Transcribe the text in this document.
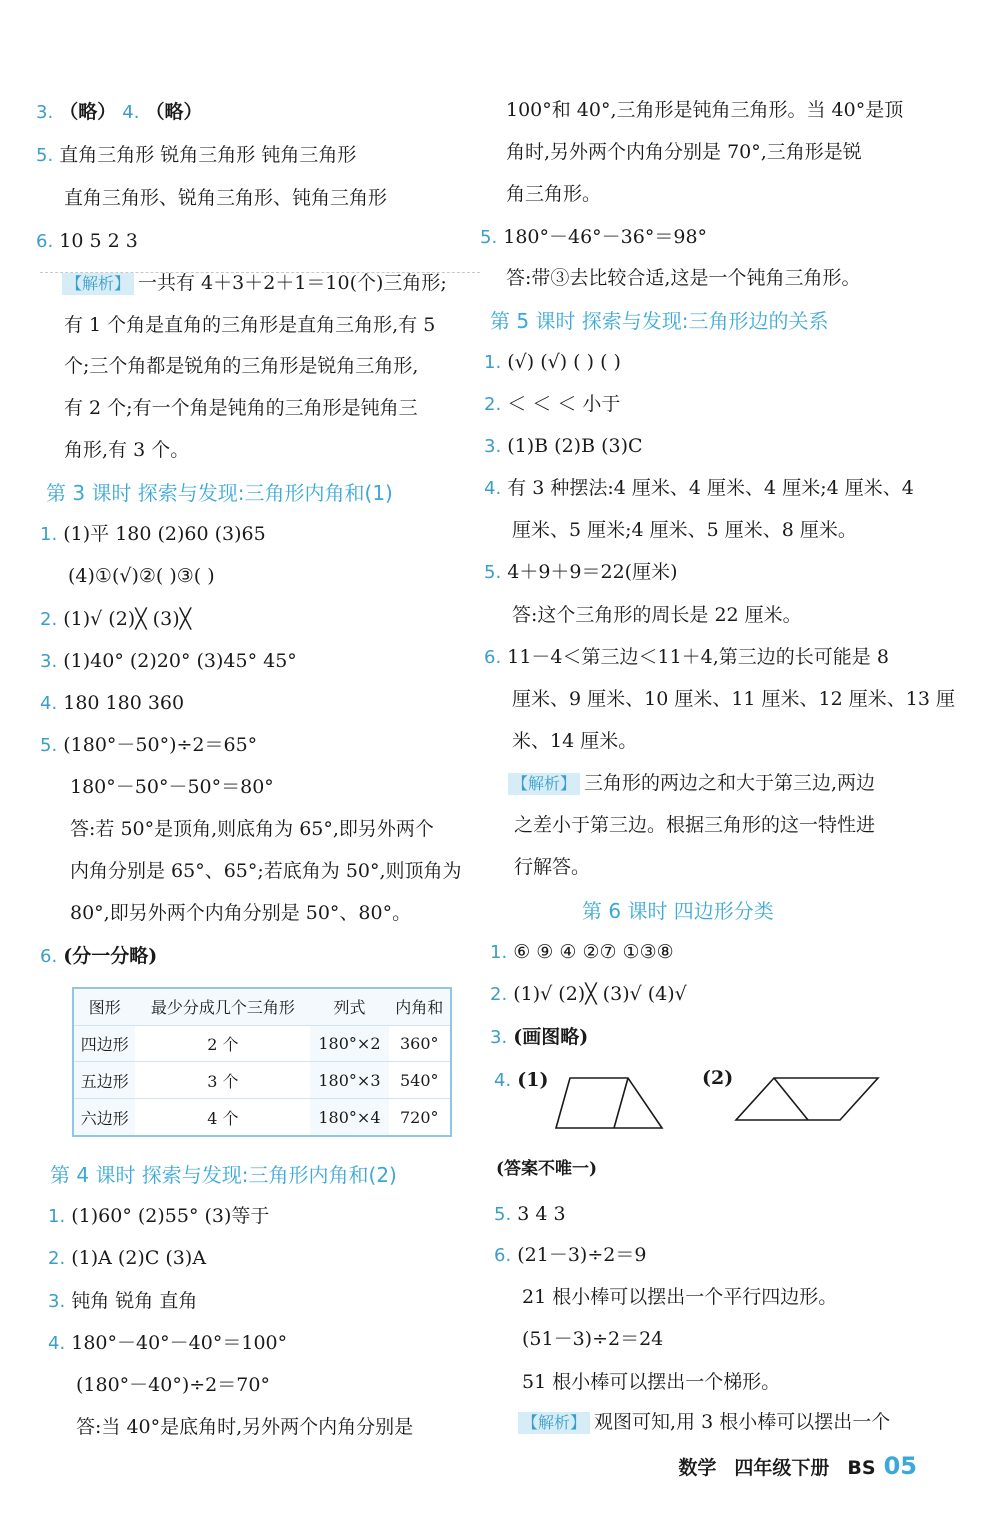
3. （略） 4. （略）
5. 直角三角形 锐角三角形 钝角三角形
直角三角形、锐角三角形、钝角三角形
6. 10 5 2 3
【解析】 一共有 4＋3＋2＋1＝10(个)三角形;
有 1 个角是直角的三角形是直角三角形,有 5
个;三个角都是锐角的三角形是锐角三角形,
有 2 个;有一个角是钝角的三角形是钝角三
角形,有 3 个。
第 3 课时 探索与发现:三角形内角和(1)
1. (1)平 180 (2)60 (3)65
(4)①(√)②( )③( )
2. (1)√ (2)╳ (3)╳
3. (1)40° (2)20° (3)45° 45°
4. 180 180 360
5. (180°－50°)÷2＝65°
180°－50°－50°＝80°
答:若 50°是顶角,则底角为 65°,即另外两个
内角分别是 65°、65°;若底角为 50°,则顶角为
80°,即另外两个内角分别是 50°、80°。
6. (分一分略)
图形	最少分成几个三角形	列式	内角和
四边形	2 个	180°×2	360°
五边形	3 个	180°×3	540°
六边形	4 个	180°×4	720°
第 4 课时 探索与发现:三角形内角和(2)
1. (1)60° (2)55° (3)等于
2. (1)A (2)C (3)A
3. 钝角 锐角 直角
4. 180°－40°－40°＝100°
(180°－40°)÷2＝70°
答:当 40°是底角时,另外两个内角分别是
100°和 40°,三角形是钝角三角形。当 40°是顶
角时,另外两个内角分别是 70°,三角形是锐
角三角形。
5. 180°－46°－36°＝98°
答:带③去比较合适,这是一个钝角三角形。
第 5 课时 探索与发现:三角形边的关系
1. (√) (√) ( ) ( )
2. ＜ ＜ ＜ 小于
3. (1)B (2)B (3)C
4. 有 3 种摆法:4 厘米、4 厘米、4 厘米;4 厘米、4
厘米、5 厘米;4 厘米、5 厘米、8 厘米。
5. 4＋9＋9＝22(厘米)
答:这个三角形的周长是 22 厘米。
6. 11－4＜第三边＜11＋4,第三边的长可能是 8
厘米、9 厘米、10 厘米、11 厘米、12 厘米、13 厘
米、14 厘米。
【解析】 三角形的两边之和大于第三边,两边
之差小于第三边。根据三角形的这一特性进
行解答。
第 6 课时 四边形分类
1. ⑥ ⑨ ④ ②⑦ ①③⑧
2. (1)√ (2)╳ (3)√ (4)√
3. (画图略)
4. (1)	(2)
(答案不唯一)
5. 3 4 3
6. (21－3)÷2＝9
21 根小棒可以摆出一个平行四边形。
(51－3)÷2＝24
51 根小棒可以摆出一个梯形。
【解析】 观图可知,用 3 根小棒可以摆出一个
数学 四年级下册 BS 05
